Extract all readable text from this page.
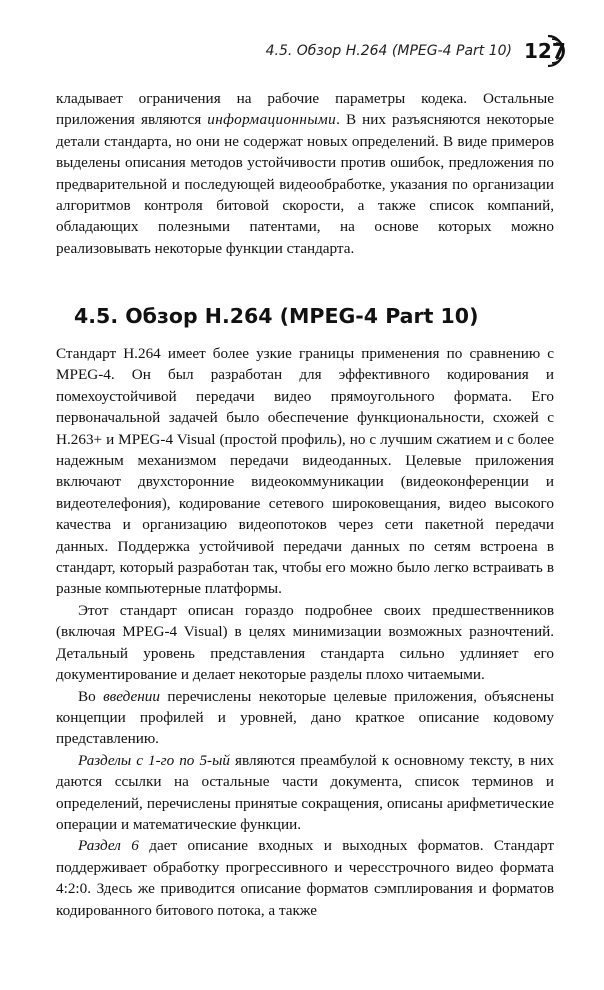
4.5. Обзор H.264 (MPEG-4 Part 10) 127

кладывает ограничения на рабочие параметры кодека. Остальные приложения являются информационными. В них разъясняются некоторые детали стандарта, но они не содержат новых определений. В виде примеров выделены описания методов устойчивости против ошибок, предложения по предварительной и последующей видеообработке, указания по организации алгоритмов контроля битовой скорости, а также список компаний, обладающих полезными патентами, на основе которых можно реализовывать некоторые функции стандарта.

4.5. Обзор H.264 (MPEG-4 Part 10)

Стандарт H.264 имеет более узкие границы применения по сравнению с MPEG-4. Он был разработан для эффективного кодирования и помехоустойчивой передачи видео прямоугольного формата. Его первоначальной задачей было обеспечение функциональности, схожей с H.263+ и MPEG-4 Visual (простой профиль), но с лучшим сжатием и с более надежным механизмом передачи видеоданных. Целевые приложения включают двухсторонние видеокоммуникации (видеоконференции и видеотелефония), кодирование сетевого широковещания, видео высокого качества и организацию видеопотоков через сети пакетной передачи данных. Поддержка устойчивой передачи данных по сетям встроена в стандарт, который разработан так, чтобы его можно было легко встраивать в разные компьютерные платформы.

Этот стандарт описан гораздо подробнее своих предшественников (включая MPEG-4 Visual) в целях минимизации возможных разночтений. Детальный уровень представления стандарта сильно удлиняет его документирование и делает некоторые разделы плохо читаемыми.

Во введении перечислены некоторые целевые приложения, объяснены концепции профилей и уровней, дано краткое описание кодовому представлению.

Разделы с 1-го по 5-ый являются преамбулой к основному тексту, в них даются ссылки на остальные части документа, список терминов и определений, перечислены принятые сокращения, описаны арифметические операции и математические функции.

Раздел 6 дает описание входных и выходных форматов. Стандарт поддерживает обработку прогрессивного и чересстрочного видео формата 4:2:0. Здесь же приводится описание форматов сэмплирования и форматов кодированного битового потока, а также
